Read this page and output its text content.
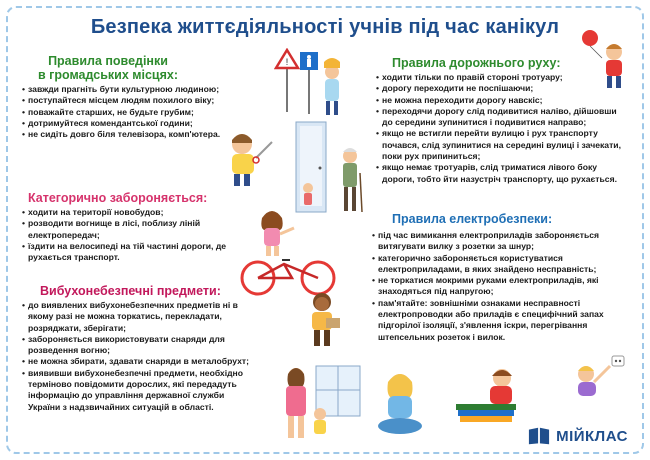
Безпека життєдіяльності учнів під час канікул
Правила поведінки
в громадських місцях:
• завжди прагніть бути культурною людиною;
• поступайтеся місцем людям похилого віку;
• поважайте старших, не будьте грубим;
• дотримуйтеся комендантської години;
• не сидіть довго біля телевізора, комп'ютера.
Категорично забороняється:
• ходити на території новобудов;
• розводити вогнище в лісі, поблизу ліній електропередач;
• їздити на велосипеді на тій частині дороги, де рухається транспорт.
Вибухонебезпечні предмети:
• до виявлених вибухонебезпечних предметів ні в якому разі не можна торкатись, перекладати, розряджати, зберігати;
• забороняється використовувати снаряди для розведення вогню;
• не можна збирати, здавати снаряди в металобрухт;
• виявивши вибухонебезпечні предмети, необхідно терміново повідомити дорослих, які передадуть інформацію до управління державної служби України з надзвичайних ситуацій в області.
Правила дорожнього руху:
• ходити тільки по правій стороні тротуару;
• дорогу переходити не поспішаючи;
• не можна переходити дорогу навскіс;
• переходячи дорогу слід подивитися наліво, дійшовши до середини зупинитися і подивитися направо;
• якщо не встигли перейти вулицю і рух транспорту почався, слід зупинитися на середині вулиці і зачекати, поки рух припиниться;
• якщо немає тротуарів, слід триматися лівого боку дороги, тобто йти назустріч транспорту, що рухається.
Правила електробезпеки:
• під час вимикання електроприладів забороняється витягувати вилку з розетки за шнур;
• категорично забороняється користуватися електроприладами, в яких знайдено несправність;
• не торкатися мокрими руками електроприладів, які знаходяться під напругою;
• пам'ятайте: зовнішніми ознаками несправності електропроводки або приладів є специфічний запах підгорілої ізоляції, з'явлення іскри, перегрівання штепсельних розеток і вилок.
!
МІЙКЛАС
